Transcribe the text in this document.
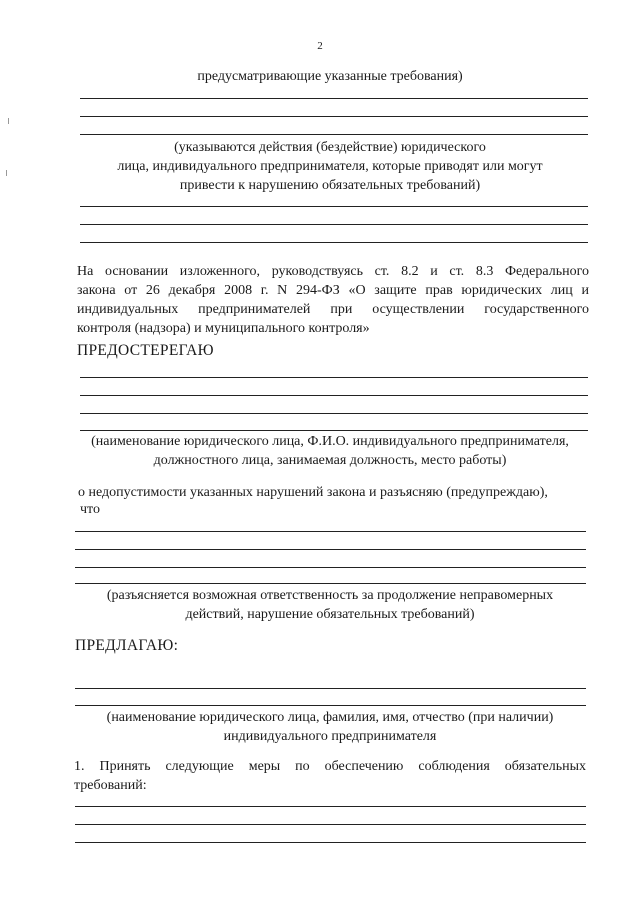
2
предусматривающие указанные требования)
(указываются действия (бездействие) юридического
лица, индивидуального предпринимателя, которые приводят или могут
привести к нарушению обязательных требований)
На основании изложенного, руководствуясь ст. 8.2 и ст. 8.3 Федерального
закона от 26 декабря 2008 г. N 294-ФЗ «О защите прав юридических лиц и
индивидуальных предпринимателей при осуществлении государственного
контроля (надзора) и муниципального контроля»
ПРЕДОСТЕРЕГАЮ
(наименование юридического лица, Ф.И.О. индивидуального предпринимателя,
должностного лица, занимаемая должность, место работы)
о недопустимости указанных нарушений закона и разъясняю (предупреждаю),
что
(разъясняется возможная ответственность за продолжение неправомерных
действий, нарушение обязательных требований)
ПРЕДЛАГАЮ:
(наименование юридического лица, фамилия, имя, отчество (при наличии)
индивидуального предпринимателя
1. Принять следующие меры по обеспечению соблюдения обязательных
требований:
